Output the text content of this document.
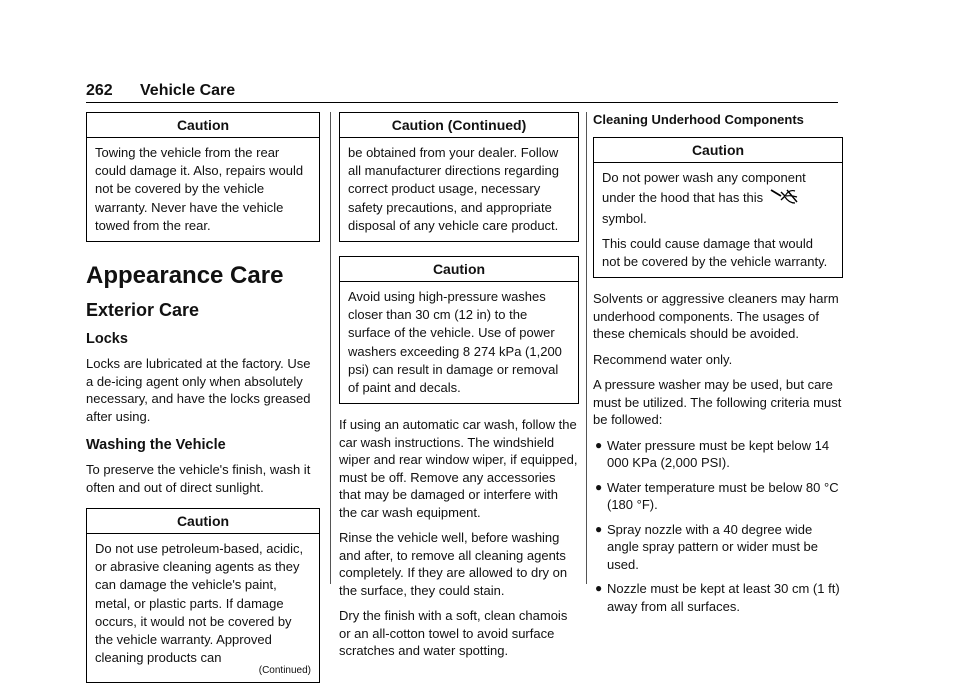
262 Vehicle Care
Caution

Towing the vehicle from the rear could damage it. Also, repairs would not be covered by the vehicle warranty. Never have the vehicle towed from the rear.

Appearance Care
Exterior Care
Locks

Locks are lubricated at the factory. Use a de-icing agent only when absolutely necessary, and have the locks greased after using.

Washing the Vehicle

To preserve the vehicle's finish, wash it often and out of direct sunlight.

Caution

Do not use petroleum-based, acidic, or abrasive cleaning agents as they can damage the vehicle's paint, metal, or plastic parts. If damage occurs, it would not be covered by the vehicle warranty. Approved cleaning products can

(Continued)
Caution (Continued)

be obtained from your dealer. Follow all manufacturer directions regarding correct product usage, necessary safety precautions, and appropriate disposal of any vehicle care product.

Caution

Avoid using high-pressure washes closer than 30 cm (12 in) to the surface of the vehicle. Use of power washers exceeding 8 274 kPa (1,200 psi) can result in damage or removal of paint and decals.

If using an automatic car wash, follow the car wash instructions. The windshield wiper and rear window wiper, if equipped, must be off. Remove any accessories that may be damaged or interfere with the car wash equipment.

Rinse the vehicle well, before washing and after, to remove all cleaning agents completely. If they are allowed to dry on the surface, they could stain.

Dry the finish with a soft, clean chamois or an all-cotton towel to avoid surface scratches and water spotting.

Cleaning Underhood Components
Caution

Do not power wash any component under the hood that has this
symbol.

This could cause damage that would not be covered by the vehicle warranty.

Solvents or aggressive cleaners may harm underhood components. The usages of these chemicals should be avoided.

Recommend water only.

A pressure washer may be used, but care must be utilized. The following criteria must be followed:

● Water pressure must be kept below 14 000 KPa (2,000 PSI).
● Water temperature must be below 80 °C (180 °F).
● Spray nozzle with a 40 degree wide angle spray pattern or wider must be used.
● Nozzle must be kept at least 30 cm (1 ft) away from all surfaces.
